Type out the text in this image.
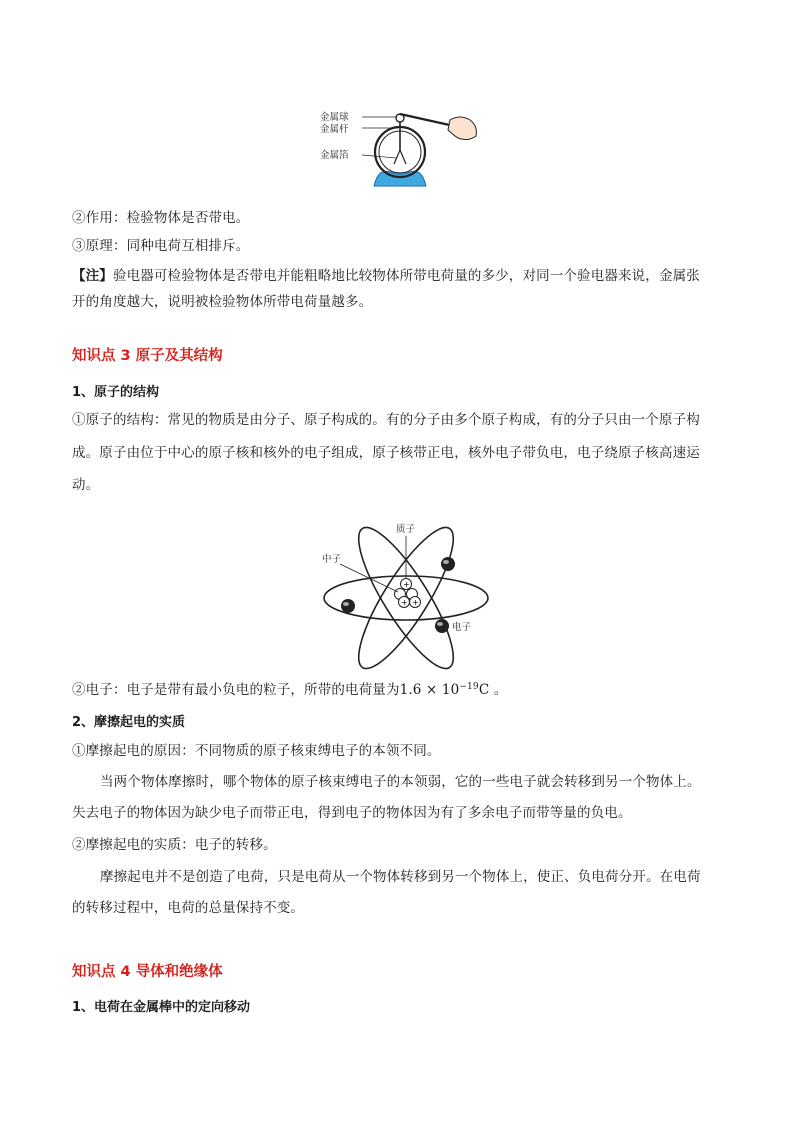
金属球
金属杆
金属箔
②作用：检验物体是否带电。
③原理：同种电荷互相排斥。
【注】验电器可检验物体是否带电并能粗略地比较物体所带电荷量的多少，对同一个验电器来说，金属张
开的角度越大，说明被检验物体所带电荷量越多。
知识点 3 原子及其结构
1、原子的结构
①原子的结构：常见的物质是由分子、原子构成的。有的分子由多个原子构成，有的分子只由一个原子构
成。原子由位于中心的原子核和核外的电子组成，原子核带正电，核外电子带负电，电子绕原子核高速运
动。
+
+ +
质子
中子
电子
②电子：电子是带有最小负电的粒子，所带的电荷量为$1.6 \times 10^{-19}C$ 。
2、摩擦起电的实质
①摩擦起电的原因：不同物质的原子核束缚电子的本领不同。
当两个物体摩擦时，哪个物体的原子核束缚电子的本领弱，它的一些电子就会转移到另一个物体上。
失去电子的物体因为缺少电子而带正电，得到电子的物体因为有了多余电子而带等量的负电。
②摩擦起电的实质：电子的转移。
摩擦起电并不是创造了电荷，只是电荷从一个物体转移到另一个物体上，使正、负电荷分开。在电荷
的转移过程中，电荷的总量保持不变。
知识点 4 导体和绝缘体
1、电荷在金属棒中的定向移动
